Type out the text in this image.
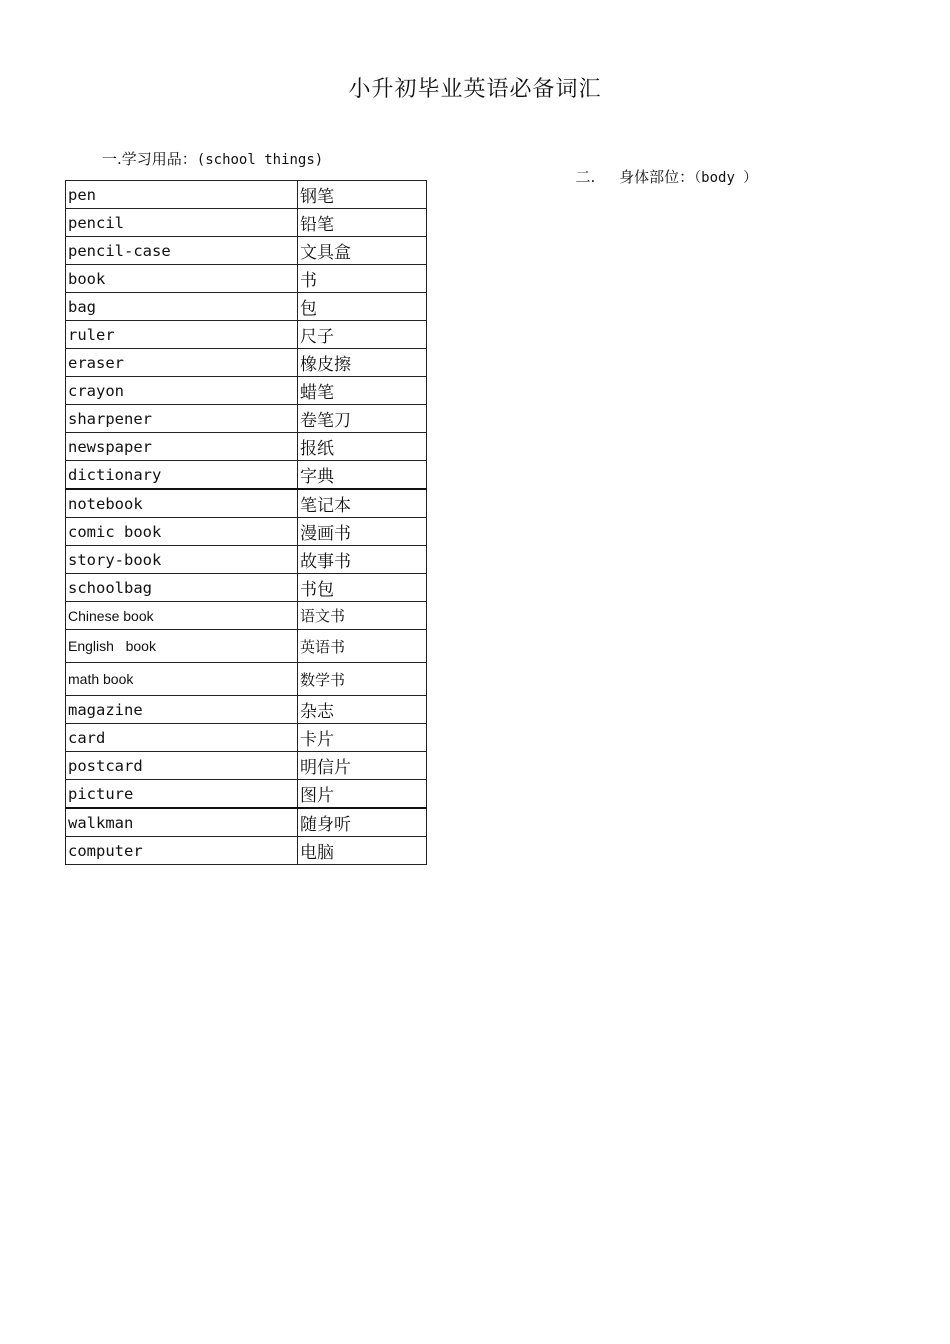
小升初毕业英语必备词汇
一.学习用品：(school things)

二.     身体部位：（body ）

pen	钢笔
pencil	铅笔
pencil-case	文具盒
book	书
bag	包
ruler	尺子
eraser	橡皮擦
crayon	蜡笔
sharpener	卷笔刀
newspaper	报纸
dictionary	字典
notebook	笔记本
comic book	漫画书
story-book	故事书
schoolbag	书包
Chinese book	语文书
English   book	英语书
math book	数学书
magazine	杂志
card	卡片
postcard	明信片
picture	图片
walkman	随身听
computer	电脑
